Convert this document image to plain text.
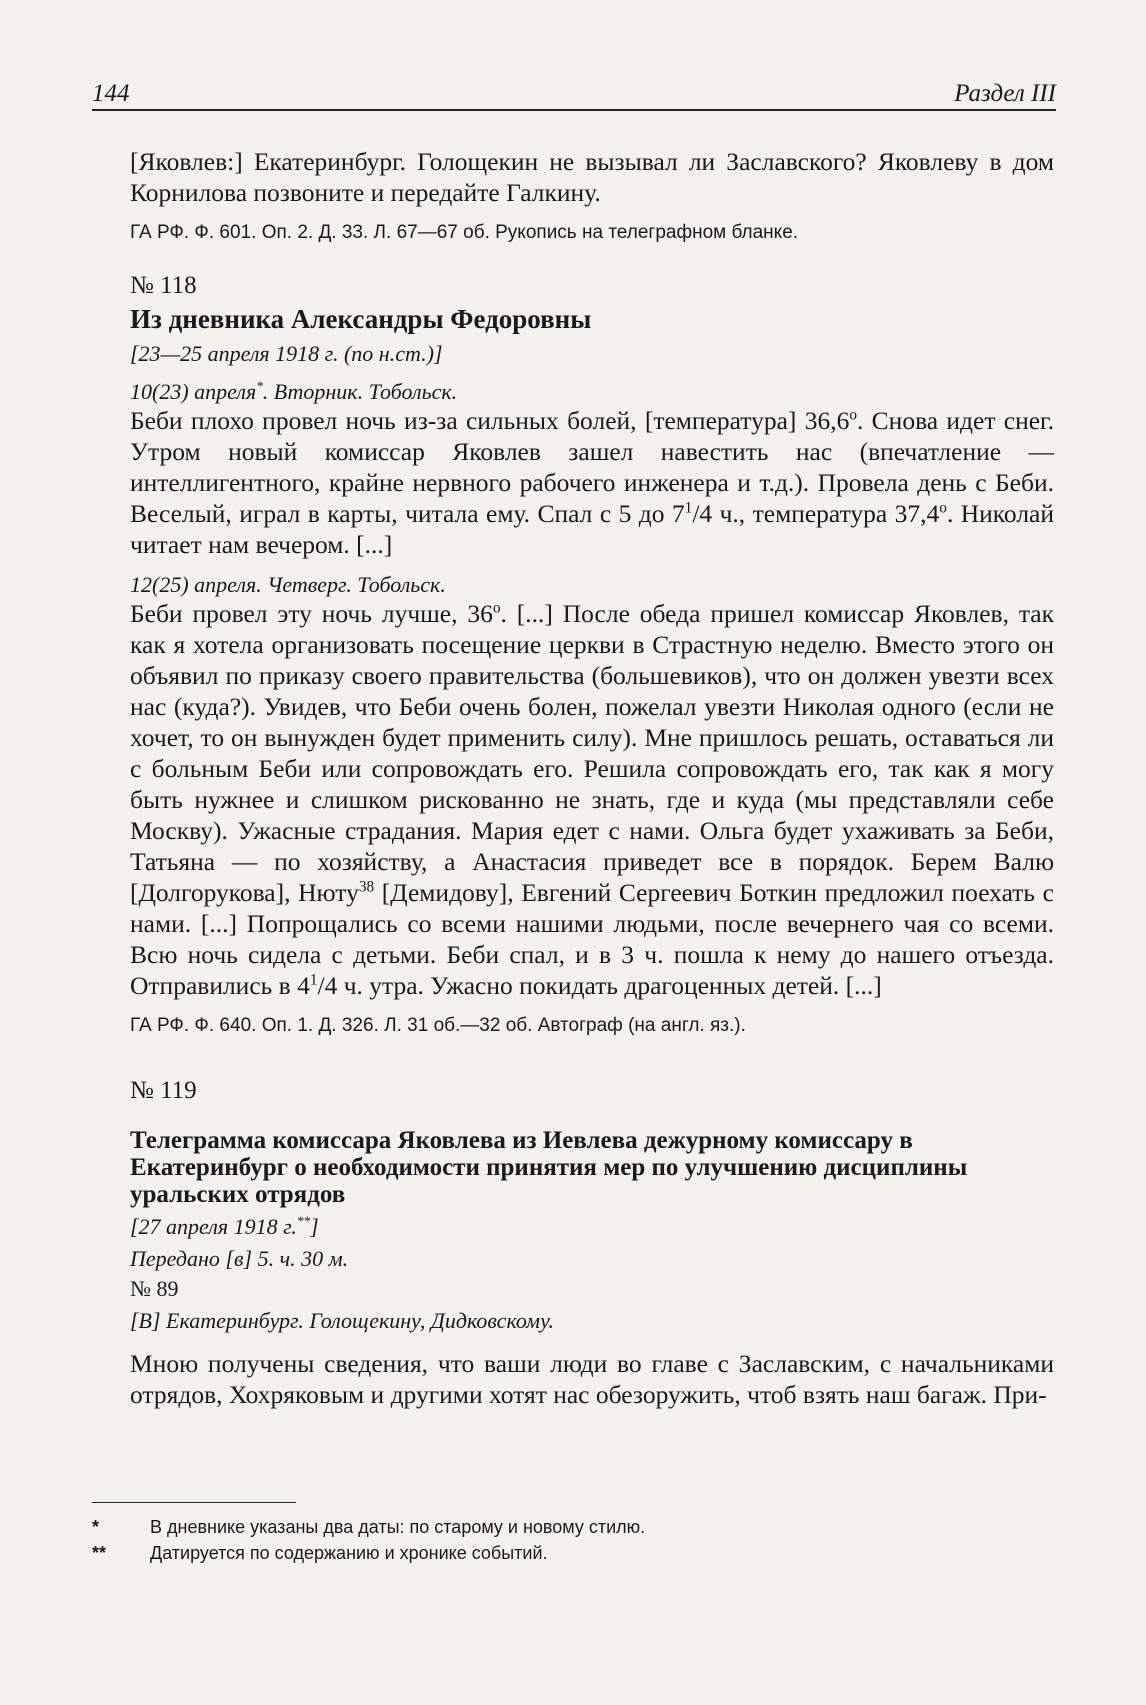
144	Раздел III

[Яковлев:] Екатеринбург. Голощекин не вызывал ли Заславского? Яковлеву в дом Корнилова позвоните и передайте Галкину.

ГА РФ. Ф. 601. Оп. 2. Д. 33. Л. 67—67 об. Рукопись на телеграфном бланке.

№ 118

Из дневника Александры Федоровны

[23—25 апреля 1918 г. (по н.ст.)]

10(23) апреля*. Вторник. Тобольск.

Беби плохо провел ночь из-за сильных болей, [температура] 36,6$^o$. Снова идет снег. Утром новый комиссар Яковлев зашел навестить нас (впечатление — интеллигентного, крайне нервного рабочего инженера и т.д.). Провела день с Беби. Веселый, играл в карты, читала ему. Спал с 5 до $7^1/4$ ч., температура 37,4$^o$. Николай читает нам вечером. [...]

12(25) апреля. Четверг. Тобольск.

Беби провел эту ночь лучше, 36$^o$. [...] После обеда пришел комиссар Яковлев, так как я хотела организовать посещение церкви в Страстную неделю. Вместо этого он объявил по приказу своего правительства (большевиков), что он должен увезти всех нас (куда?). Увидев, что Беби очень болен, пожелал увезти Николая одного (если не хочет, то он вынужден будет применить силу). Мне пришлось решать, оставаться ли с больным Беби или сопровождать его. Решила сопровождать его, так как я могу быть нужнее и слишком рискованно не знать, где и куда (мы представляли себе Москву). Ужасные страдания. Мария едет с нами. Ольга будет ухаживать за Беби, Татьяна — по хозяйству, а Анастасия приведет все в порядок. Берем Валю [Долгорукова], Нюту$^{38}$ [Демидову], Евгений Сергеевич Боткин предложил поехать с нами. [...] Попрощались со всеми нашими людьми, после вечернего чая со всеми. Всю ночь сидела с детьми. Беби спал, и в 3 ч. пошла к нему до нашего отъезда. Отправились в $4^1/4$ ч. утра. Ужасно покидать драгоценных детей. [...]

ГА РФ. Ф. 640. Оп. 1. Д. 326. Л. 31 об.—32 об. Автограф (на англ. яз.).

№ 119

Телеграмма комиссара Яковлева из Иевлева дежурному комиссару в Екатеринбург о необходимости принятия мер по улучшению дисциплины уральских отрядов

[27 апреля 1918 г.**]

Передано [в] 5. ч. 30 м.

№ 89

[В] Екатеринбург. Голощекину, Дидковскому.

Мною получены сведения, что ваши люди во главе с Заславским, с начальниками отрядов, Хохряковым и другими хотят нас обезоружить, чтоб взять наш багаж. При-

*	В дневнике указаны два даты: по старому и новому стилю.
**	Датируется по содержанию и хронике событий.
